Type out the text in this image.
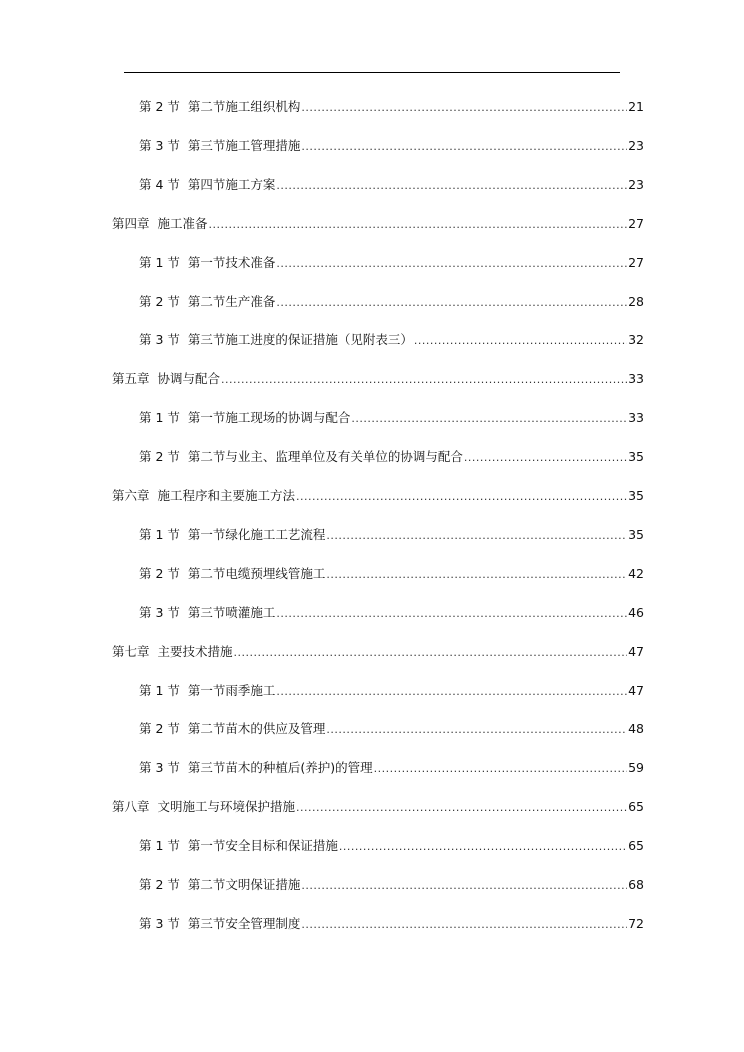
第 2 节 第二节施工组织机构 .....	21
第 3 节 第三节施工管理措施 .....	23
第 4 节 第四节施工方案 .....	23
第四章 施工准备 .....	27
第 1 节 第一节技术准备 .....	27
第 2 节 第二节生产准备 .....	28
第 3 节 第三节施工进度的保证措施（见附表三） .....	32
第五章 协调与配合 .....	33
第 1 节 第一节施工现场的协调与配合 .....	33
第 2 节 第二节与业主、监理单位及有关单位的协调与配合 .....	35
第六章 施工程序和主要施工方法 .....	35
第 1 节 第一节绿化施工工艺流程 .....	35
第 2 节 第二节电缆预埋线管施工 .....	42
第 3 节 第三节喷灌施工 .....	46
第七章 主要技术措施 .....	47
第 1 节 第一节雨季施工 .....	47
第 2 节 第二节苗木的供应及管理 .....	48
第 3 节 第三节苗木的种植后(养护)的管理 .....	59
第八章 文明施工与环境保护措施 .....	65
第 1 节 第一节安全目标和保证措施 .....	65
第 2 节 第二节文明保证措施 .....	68
第 3 节 第三节安全管理制度 .....	72
